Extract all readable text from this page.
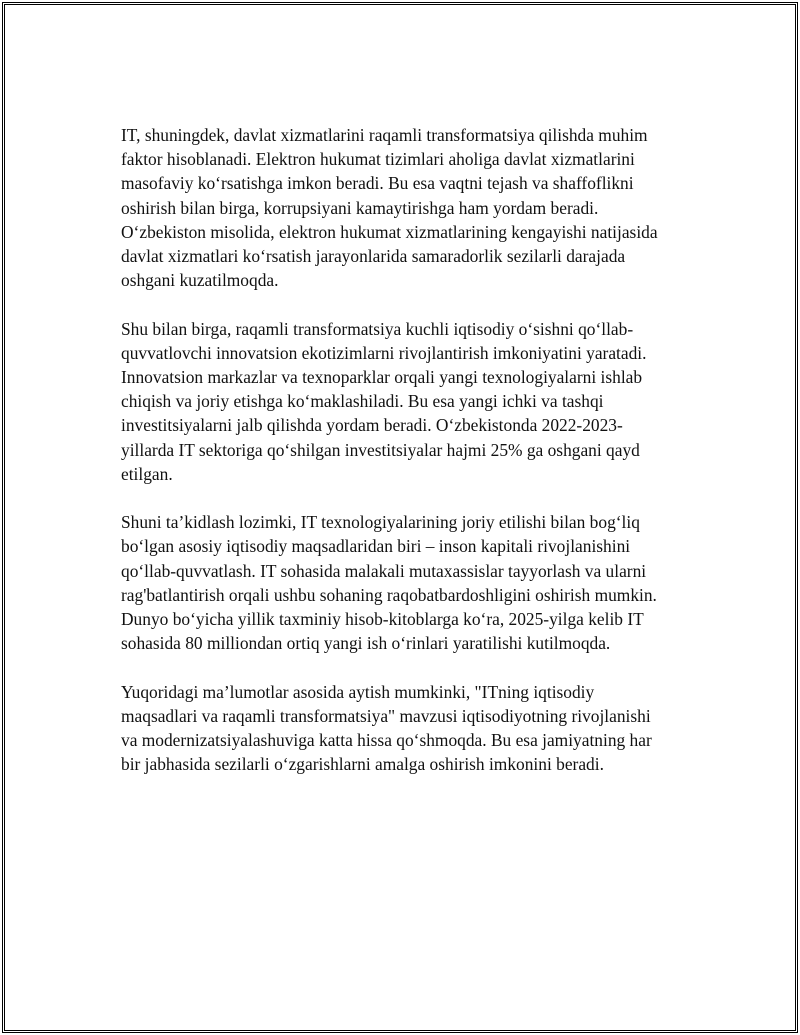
IT, shuningdek, davlat xizmatlarini raqamli transformatsiya qilishda muhim
faktor hisoblanadi. Elektron hukumat tizimlari aholiga davlat xizmatlarini
masofaviy ko‘rsatishga imkon beradi. Bu esa vaqtni tejash va shaffoflikni
oshirish bilan birga, korrupsiyani kamaytirishga ham yordam beradi.
O‘zbekiston misolida, elektron hukumat xizmatlarining kengayishi natijasida
davlat xizmatlari ko‘rsatish jarayonlarida samaradorlik sezilarli darajada
oshgani kuzatilmoqda.

Shu bilan birga, raqamli transformatsiya kuchli iqtisodiy o‘sishni qo‘llab-
quvvatlovchi innovatsion ekotizimlarni rivojlantirish imkoniyatini yaratadi.
Innovatsion markazlar va texnoparklar orqali yangi texnologiyalarni ishlab
chiqish va joriy etishga ko‘maklashiladi. Bu esa yangi ichki va tashqi
investitsiyalarni jalb qilishda yordam beradi. O‘zbekistonda 2022-2023-
yillarda IT sektoriga qo‘shilgan investitsiyalar hajmi 25% ga oshgani qayd
etilgan.

Shuni ta’kidlash lozimki, IT texnologiyalarining joriy etilishi bilan bog‘liq
bo‘lgan asosiy iqtisodiy maqsadlaridan biri – inson kapitali rivojlanishini
qo‘llab-quvvatlash. IT sohasida malakali mutaxassislar tayyorlash va ularni
rag'batlantirish orqali ushbu sohaning raqobatbardoshligini oshirish mumkin.
Dunyo bo‘yicha yillik taxminiy hisob-kitoblarga ko‘ra, 2025-yilga kelib IT
sohasida 80 milliondan ortiq yangi ish o‘rinlari yaratilishi kutilmoqda.

Yuqoridagi ma’lumotlar asosida aytish mumkinki, "ITning iqtisodiy
maqsadlari va raqamli transformatsiya" mavzusi iqtisodiyotning rivojlanishi
va modernizatsiyalashuviga katta hissa qo‘shmoqda. Bu esa jamiyatning har
bir jabhasida sezilarli o‘zgarishlarni amalga oshirish imkonini beradi.
